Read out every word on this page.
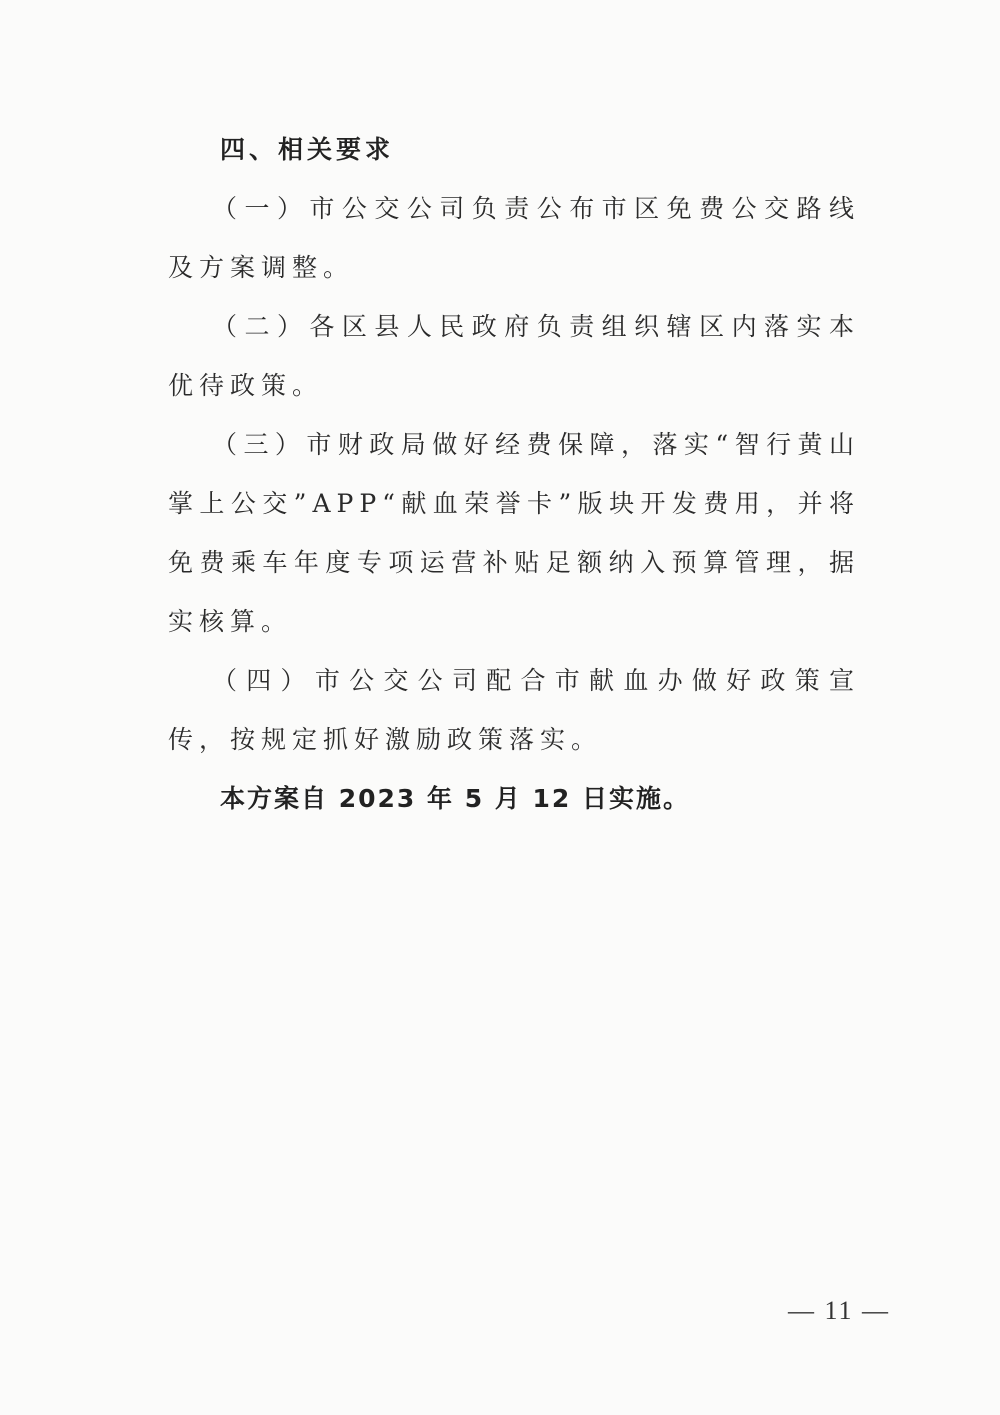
四、相关要求

（一）市公交公司负责公布市区免费公交路线及方案调整。

（二）各区县人民政府负责组织辖区内落实本优待政策。

（三）市财政局做好经费保障，落实“智行黄山掌上公交”APP“献血荣誉卡”版块开发费用，并将免费乘车年度专项运营补贴足额纳入预算管理，据实核算。

（四）市公交公司配合市献血办做好政策宣传，按规定抓好激励政策落实。

本方案自 2023 年 5 月 12 日实施。

— 11 —
